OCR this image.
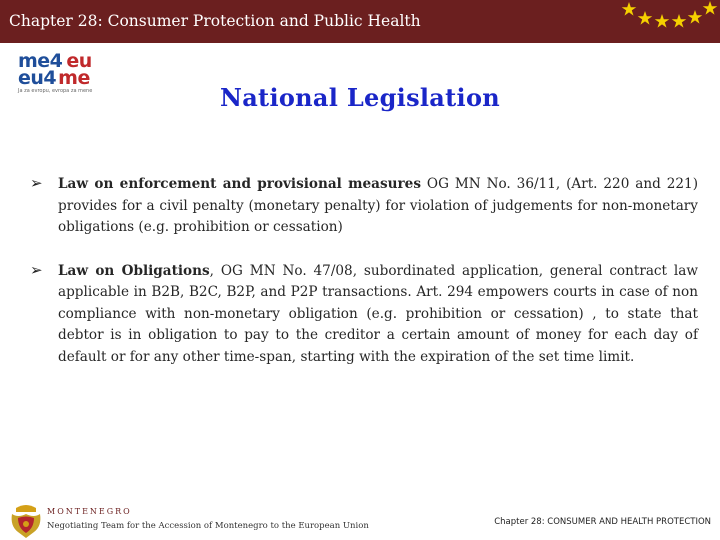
Chapter 28: Consumer Protection and Public Health
me4 eu
eu4 me
Ja za evropu, evropa za mene	National Legislation
➢ Law on enforcement and provisional measures OG MN No. 36/11, (Art. 220 and 221) provides for a civil penalty (monetary penalty) for violation of judgements for non-monetary obligations (e.g. prohibition or cessation)
➢ Law on Obligations, OG MN No. 47/08, subordinated application, general contract law applicable in B2B, B2C, B2P, and P2P transactions. Art. 294 empowers courts in case of non compliance with non-monetary obligation (e.g. prohibition or cessation) , to state that debtor is in obligation to pay to the creditor a certain amount of money for each day of default or for any other time-span, starting with the expiration of the set time limit.
MONTENEGRO
Negotiating Team for the Accession of Montenegro to the European Union	Chapter 28: CONSUMER AND HEALTH PROTECTION
